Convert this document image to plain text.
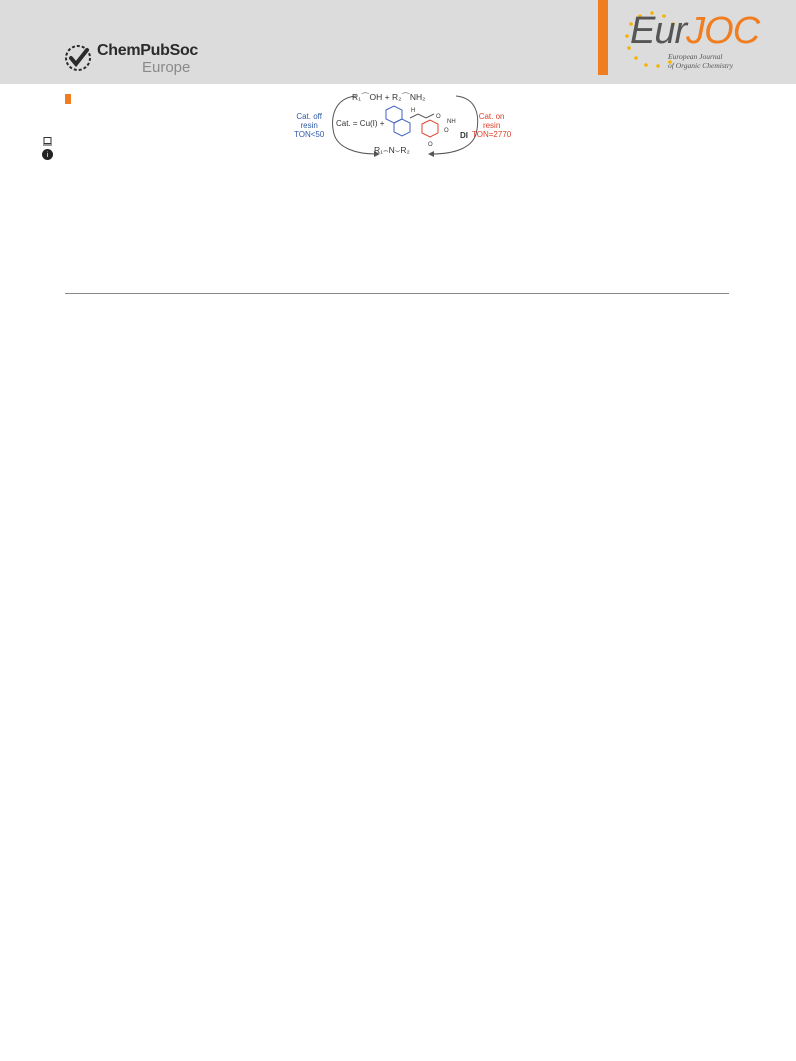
ChemPubSoc
Europe
EurJOC
European Journal
of Organic Chemistry
i
H
O
NH
O
O
R₁⌒OH + R₂⌒NH₂
R₁⌢N⌣R₂
Cat. = Cu(I) +
DI
Cat. off
resin
TON<50
Cat. on
resin
TON=2770
